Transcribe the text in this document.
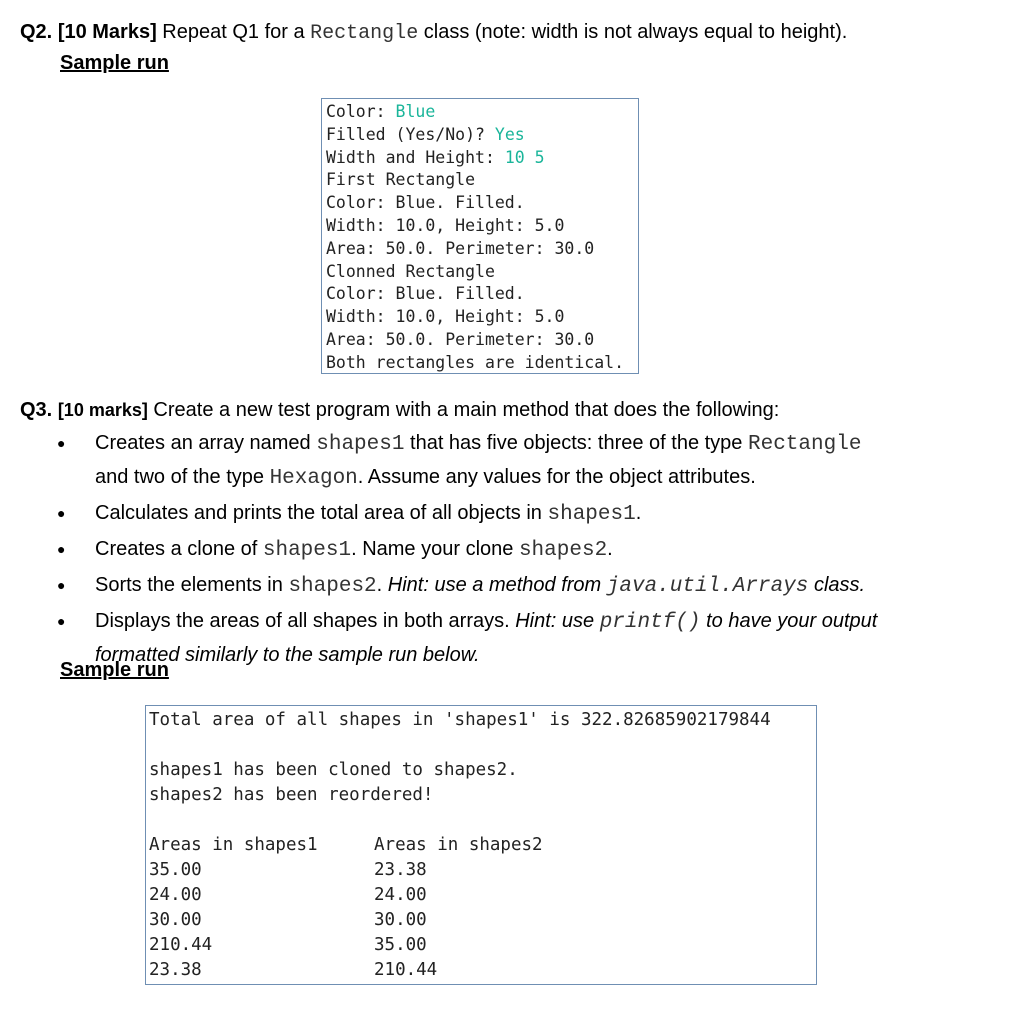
Q2. [10 Marks] Repeat Q1 for a Rectangle class (note: width is not always equal to height).
Sample run
Color: Blue
Filled (Yes/No)? Yes
Width and Height: 10 5
First Rectangle
Color: Blue. Filled.
Width: 10.0, Height: 5.0
Area: 50.0. Perimeter: 30.0
Clonned Rectangle
Color: Blue. Filled.
Width: 10.0, Height: 5.0
Area: 50.0. Perimeter: 30.0
Both rectangles are identical.
Q3. [10 marks] Create a new test program with a main method that does the following:
● Creates an array named shapes1 that has five objects: three of the type Rectangle
and two of the type Hexagon. Assume any values for the object attributes.
● Calculates and prints the total area of all objects in shapes1.
● Creates a clone of shapes1. Name your clone shapes2.
● Sorts the elements in shapes2. Hint: use a method from java.util.Arrays class.
● Displays the areas of all shapes in both arrays. Hint: use printf() to have your output
formatted similarly to the sample run below.
Sample run
Total area of all shapes in 'shapes1' is 322.82685902179844

shapes1 has been cloned to shapes2.
shapes2 has been reordered!

Areas in shapes1	Areas in shapes2
35.00	23.38
24.00	24.00
30.00	30.00
210.44	35.00
23.38	210.44
